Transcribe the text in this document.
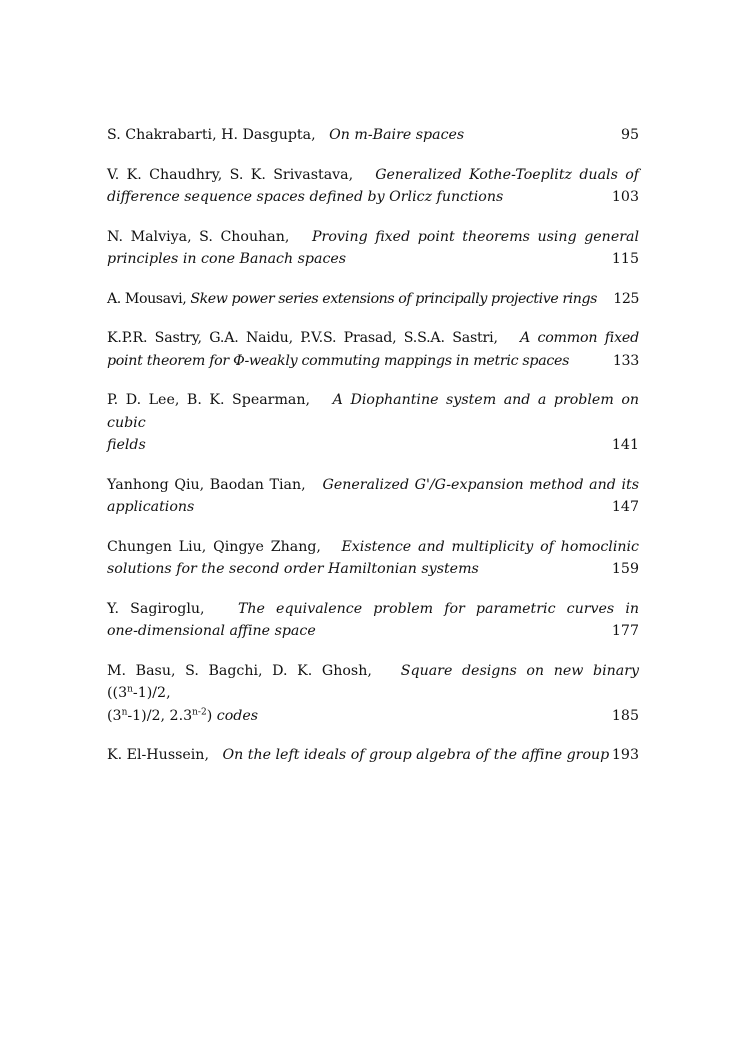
S. Chakrabarti, H. Dasgupta, On m-Baire spaces	95
V. K. Chaudhry, S. K. Srivastava, Generalized Kothe-Toeplitz duals of
difference sequence spaces defined by Orlicz functions	103
N. Malviya, S. Chouhan, Proving fixed point theorems using general
principles in cone Banach spaces	115
A. Mousavi, Skew power series extensions of principally projective rings 125
K.P.R. Sastry, G.A. Naidu, P.V.S. Prasad, S.S.A. Sastri, A common fixed
point theorem for Φ-weakly commuting mappings in metric spaces	133
P. D. Lee, B. K. Spearman, A Diophantine system and a problem on cubic
fields	141
Yanhong Qiu, Baodan Tian, Generalized G'/G-expansion method and its
applications	147
Chungen Liu, Qingye Zhang, Existence and multiplicity of homoclinic
solutions for the second order Hamiltonian systems	159
Y. Sagiroglu, The equivalence problem for parametric curves in
one-dimensional affine space	177
M. Basu, S. Bagchi, D. K. Ghosh, Square designs on new binary ((3$^n$-1)/2,
(3$^n$-1)/2, 2.3$^{n-2}$) codes	185
K. El-Hussein, On the left ideals of group algebra of the affine group 193
